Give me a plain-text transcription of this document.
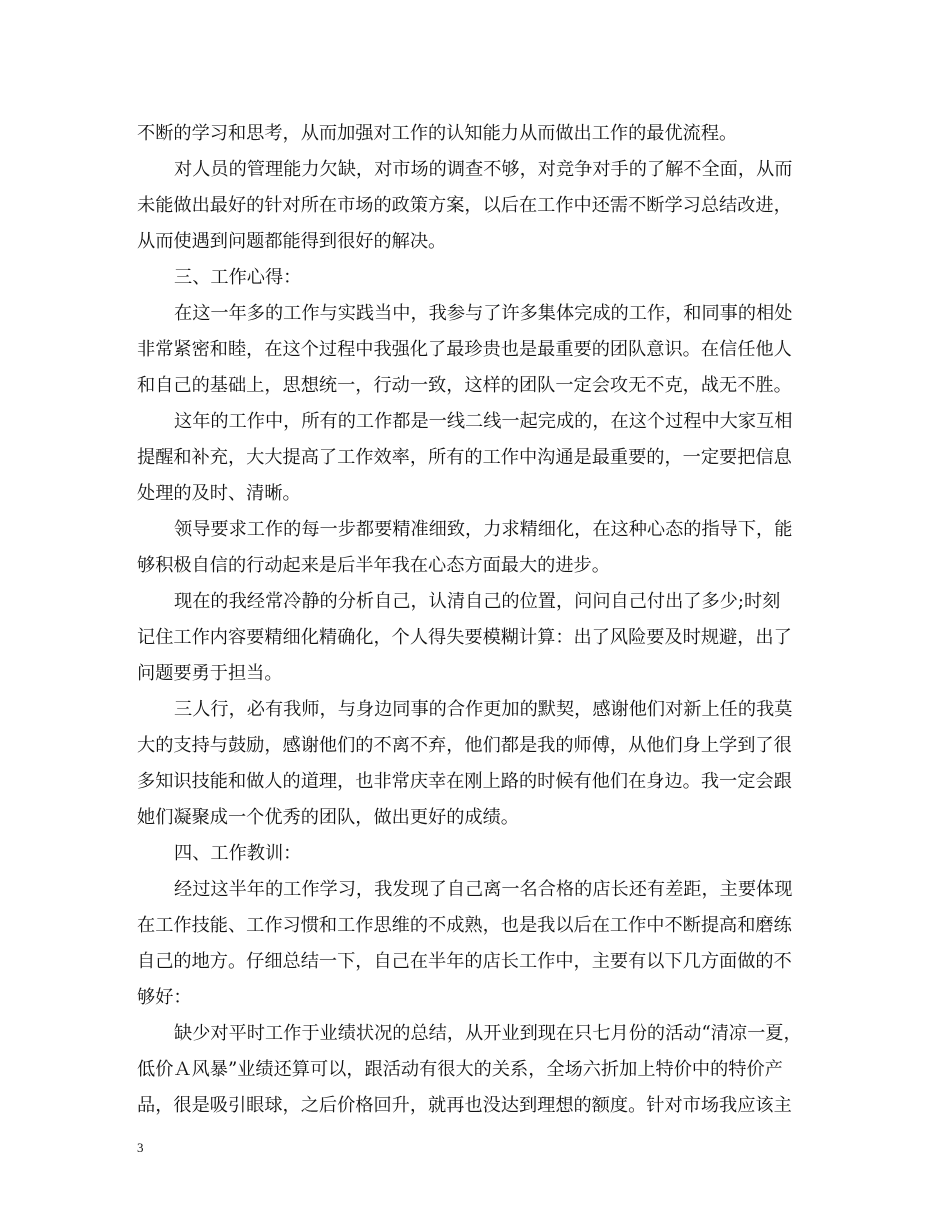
不断的学习和思考，从而加强对工作的认知能力从而做出工作的最优流程。
对人员的管理能力欠缺，对市场的调查不够，对竞争对手的了解不全面，从而
未能做出最好的针对所在市场的政策方案，以后在工作中还需不断学习总结改进，
从而使遇到问题都能得到很好的解决。
三、工作心得：
在这一年多的工作与实践当中，我参与了许多集体完成的工作，和同事的相处
非常紧密和睦，在这个过程中我强化了最珍贵也是最重要的团队意识。在信任他人
和自己的基础上，思想统一，行动一致，这样的团队一定会攻无不克，战无不胜。
这年的工作中，所有的工作都是一线二线一起完成的，在这个过程中大家互相
提醒和补充，大大提高了工作效率，所有的工作中沟通是最重要的，一定要把信息
处理的及时、清晰。
领导要求工作的每一步都要精准细致，力求精细化，在这种心态的指导下，能
够积极自信的行动起来是后半年我在心态方面最大的进步。
现在的我经常冷静的分析自己，认清自己的位置，问问自己付出了多少;时刻
记住工作内容要精细化精确化，个人得失要模糊计算：出了风险要及时规避，出了
问题要勇于担当。
三人行，必有我师，与身边同事的合作更加的默契，感谢他们对新上任的我莫
大的支持与鼓励，感谢他们的不离不弃，他们都是我的师傅，从他们身上学到了很
多知识技能和做人的道理，也非常庆幸在刚上路的时候有他们在身边。我一定会跟
她们凝聚成一个优秀的团队，做出更好的成绩。
四、工作教训：
经过这半年的工作学习，我发现了自己离一名合格的店长还有差距，主要体现
在工作技能、工作习惯和工作思维的不成熟，也是我以后在工作中不断提高和磨练
自己的地方。仔细总结一下，自己在半年的店长工作中，主要有以下几方面做的不
够好：
缺少对平时工作于业绩状况的总结，从开业到现在只七月份的活动“清凉一夏，
低价Ａ风暴”业绩还算可以，跟活动有很大的关系，全场六折加上特价中的特价产
品，很是吸引眼球，之后价格回升，就再也没达到理想的额度。针对市场我应该主
3
